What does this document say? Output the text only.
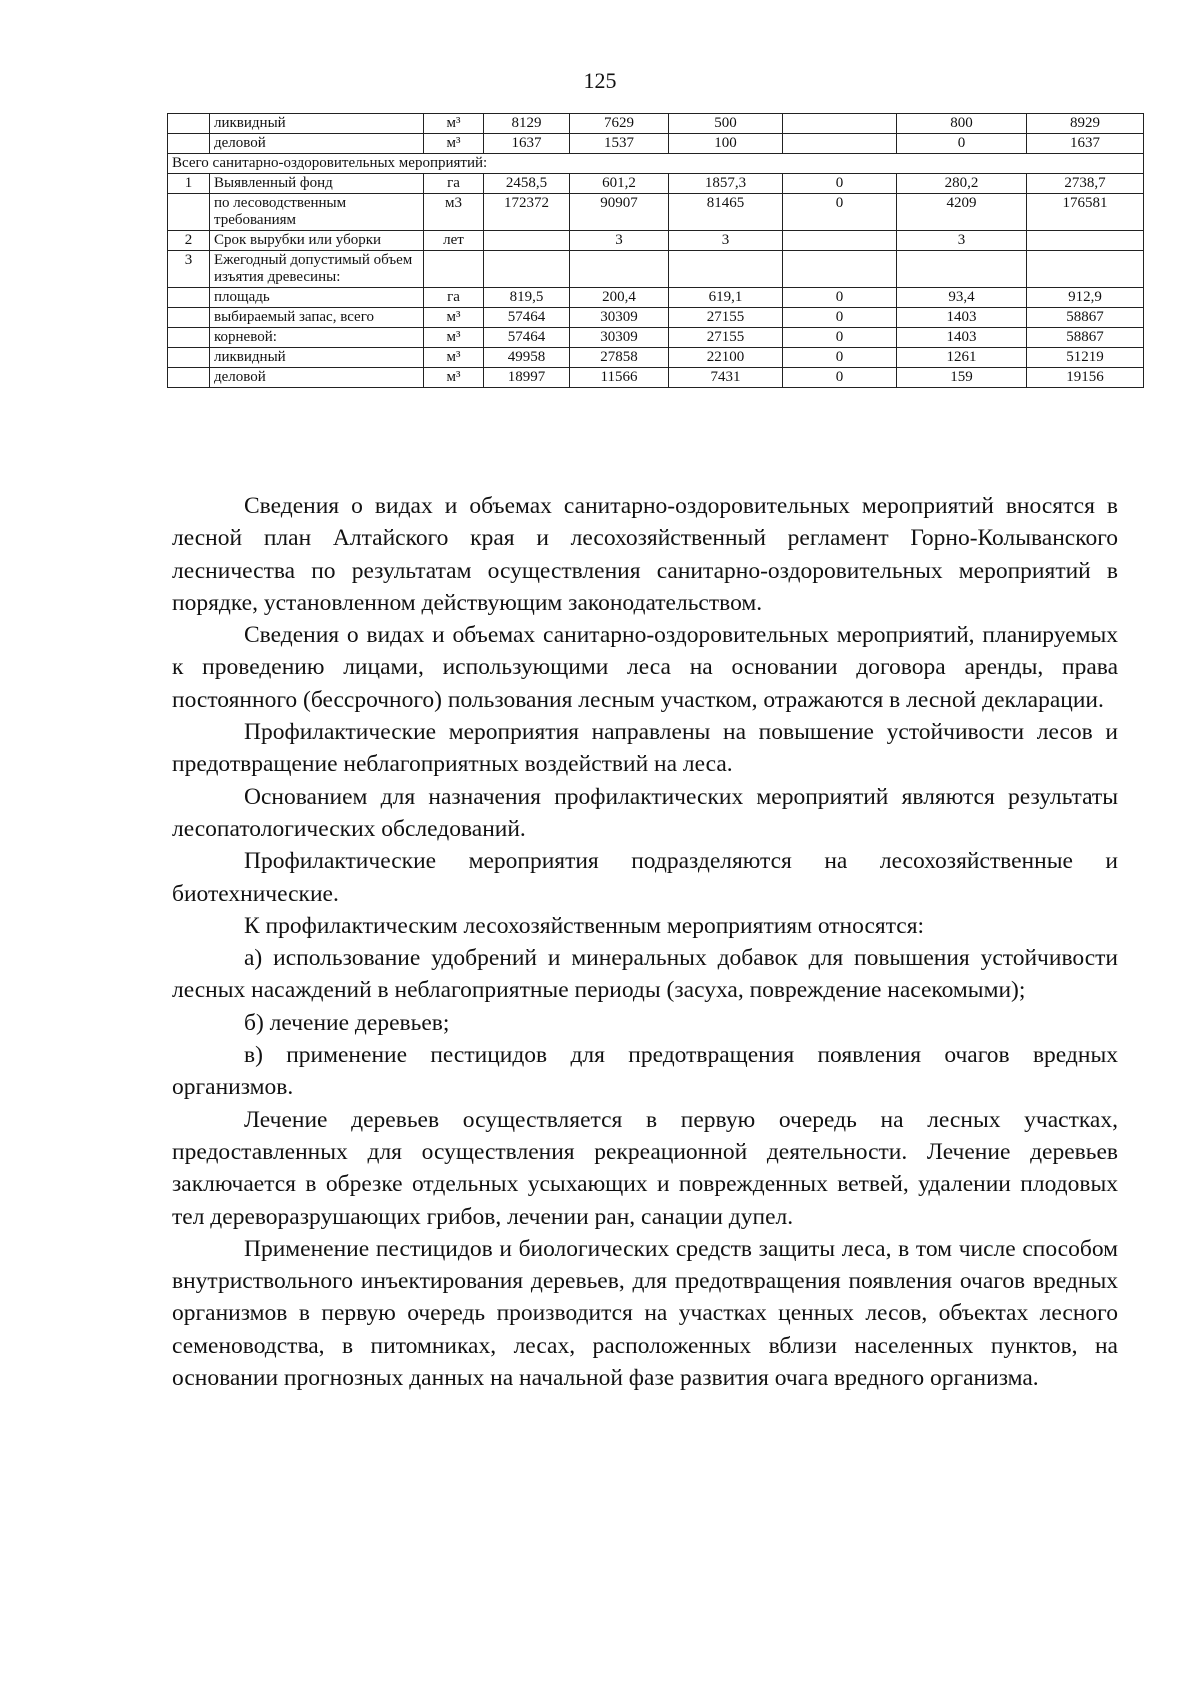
125
	ликвидный	м³	8129	7629	500		800	8929
	деловой	м³	1637	1537	100		0	1637
Всего санитарно-оздоровительных мероприятий:								
1	Выявленный фонд	га	2458,5	601,2	1857,3	0	280,2	2738,7
	по лесоводственным требованиям	м3	172372	90907	81465	0	4209	176581
2	Срок вырубки или уборки	лет		3	3		3	
3	Ежегодный допустимый объем изъятия древесины:							
	площадь	га	819,5	200,4	619,1	0	93,4	912,9
	выбираемый запас, всего	м³	57464	30309	27155	0	1403	58867
	корневой:	м³	57464	30309	27155	0	1403	58867
	ликвидный	м³	49958	27858	22100	0	1261	51219
	деловой	м³	18997	11566	7431	0	159	19156

Сведения о видах и объемах санитарно-оздоровительных мероприятий вносятся в лесной план Алтайского края и лесохозяйственный регламент Горно-Колыванского лесничества по результатам осуществления санитарно-оздоровительных мероприятий в порядке, установленном действующим законодательством.

Сведения о видах и объемах санитарно-оздоровительных мероприятий, планируемых к проведению лицами, использующими леса на основании договора аренды, права постоянного (бессрочного) пользования лесным участком, отражаются в лесной декларации.

Профилактические мероприятия направлены на повышение устойчивости лесов и предотвращение неблагоприятных воздействий на леса.

Основанием для назначения профилактических мероприятий являются результаты лесопатологических обследований.

Профилактические мероприятия подразделяются на лесохозяйственные и биотехнические.

К профилактическим лесохозяйственным мероприятиям относятся:

а) использование удобрений и минеральных добавок для повышения устойчивости лесных насаждений в неблагоприятные периоды (засуха, повреждение насекомыми);

б) лечение деревьев;

в) применение пестицидов для предотвращения появления очагов вредных организмов.

Лечение деревьев осуществляется в первую очередь на лесных участках, предоставленных для осуществления рекреационной деятельности. Лечение деревьев заключается в обрезке отдельных усыхающих и поврежденных ветвей, удалении плодовых тел дереворазрушающих грибов, лечении ран, санации дупел.

Применение пестицидов и биологических средств защиты леса, в том числе способом внутриствольного инъектирования деревьев, для предотвращения появления очагов вредных организмов в первую очередь производится на участках ценных лесов, объектах лесного семеноводства, в питомниках, лесах, расположенных вблизи населенных пунктов, на основании прогнозных данных на начальной фазе развития очага вредного организма.
